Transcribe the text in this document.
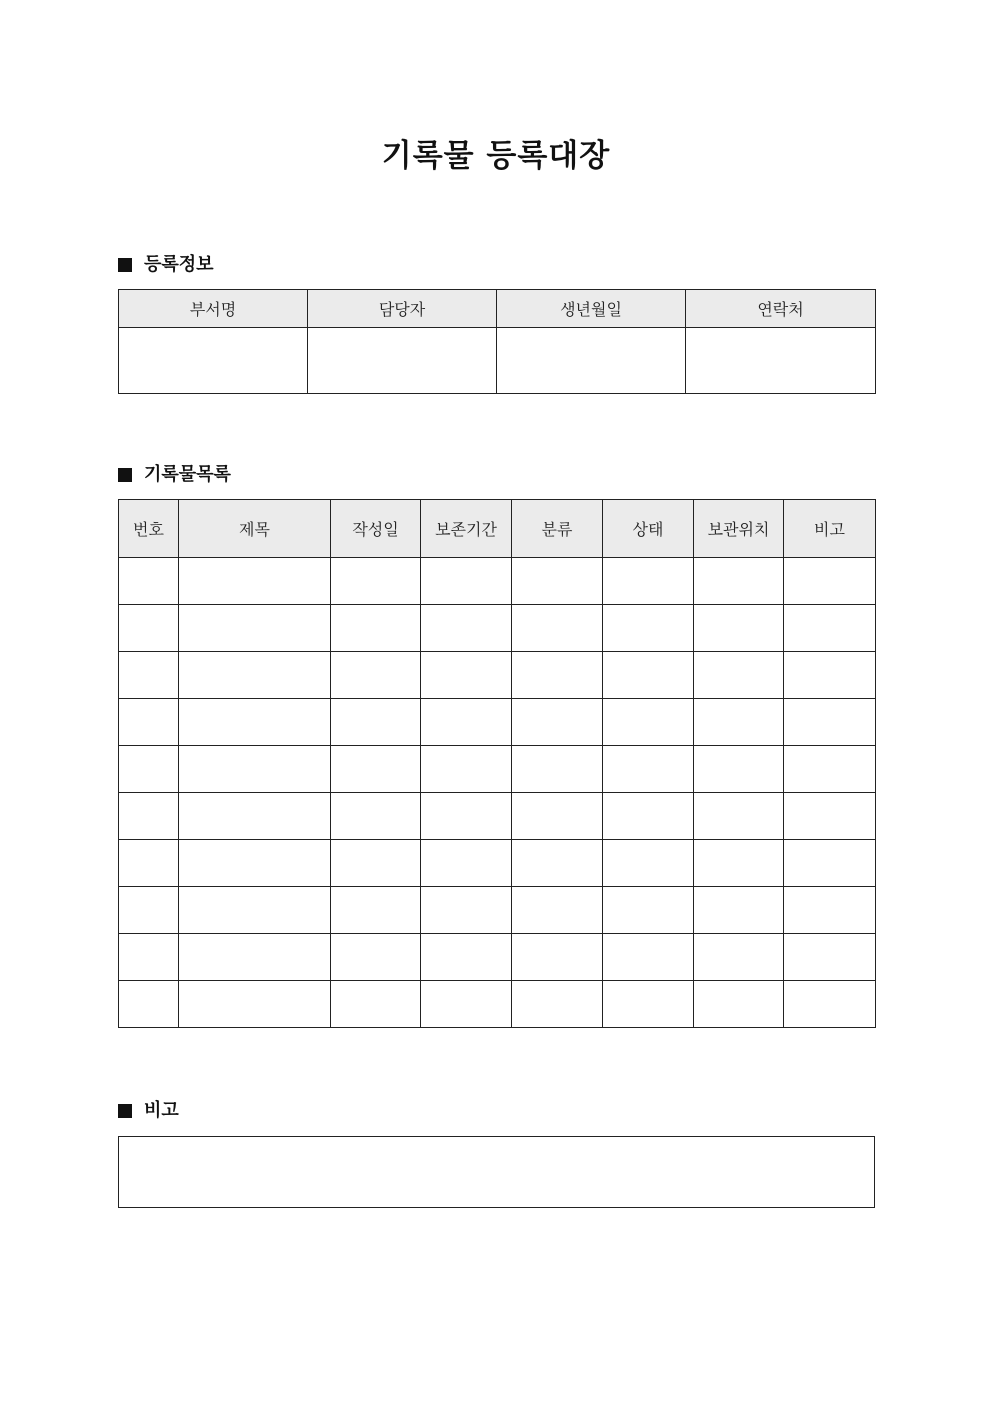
기록물 등록대장
등록정보
부서명	담당자	생년월일	연락처

기록물목록
번호	제목	작성일	보존기간	분류	상태	보관위치	비고

비고
